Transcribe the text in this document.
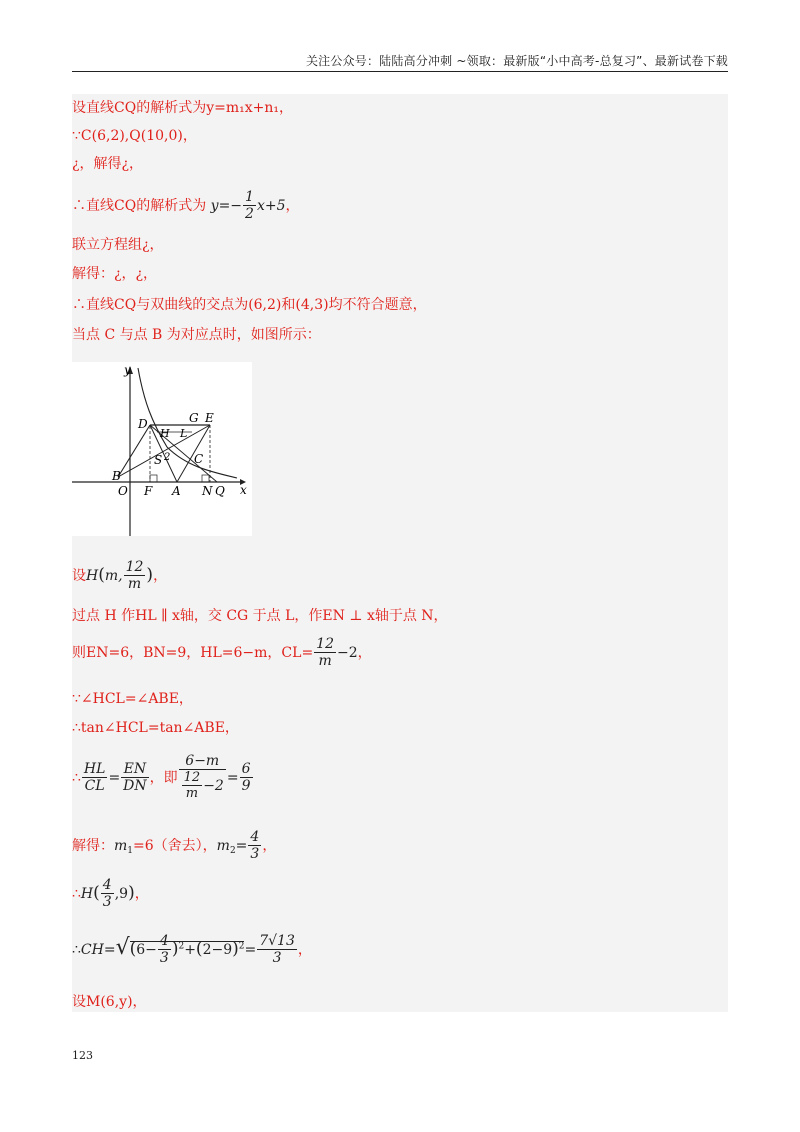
关注公众号：陆陆高分冲刺 ~领取：最新版“小中高考-总复习”、最新试卷下载
设直线CQ的解析式为y=m₁x+n₁，
∵C(6,2),Q(10,0)，
¿，解得¿，
∴直线CQ的解析式为 $y=- \frac{1}{2} x+5$，
联立方程组¿，
解得：¿，¿，
∴直线CQ与双曲线的交点为(6,2)和(4,3)均不符合题意，
当点 C 与点 B 为对应点时，如图所示：
y
x
O
B
F A N Q
D	G E
H L
C
S 2
设H(m, $\frac{12}{m}$ )，
过点 H 作HL ∥ x轴，交 CG 于点 L，作EN ⊥ x轴于点 N，
则EN=6，BN=9，HL=6−m，$CL= \frac{12}{m} -2$，
∵∠HCL=∠ABE，
∴tan∠HCL=tan∠ABE，
∴ $\frac{HL}{CL} = \frac{EN}{DN}$ ，即 $\frac{6-m}{\frac{12}{m} -2} = \frac{6}{9}$
解得：$m_1=6$（舍去），$m_2= \frac{4}{3}$ ，
∴H( $\frac{4}{3} ,9$)，
∴CH=√(6− $\frac{4}{3} )^2+(2-9)^2= \frac{7√13}{3}$ ，
设M(6,y)，
123
